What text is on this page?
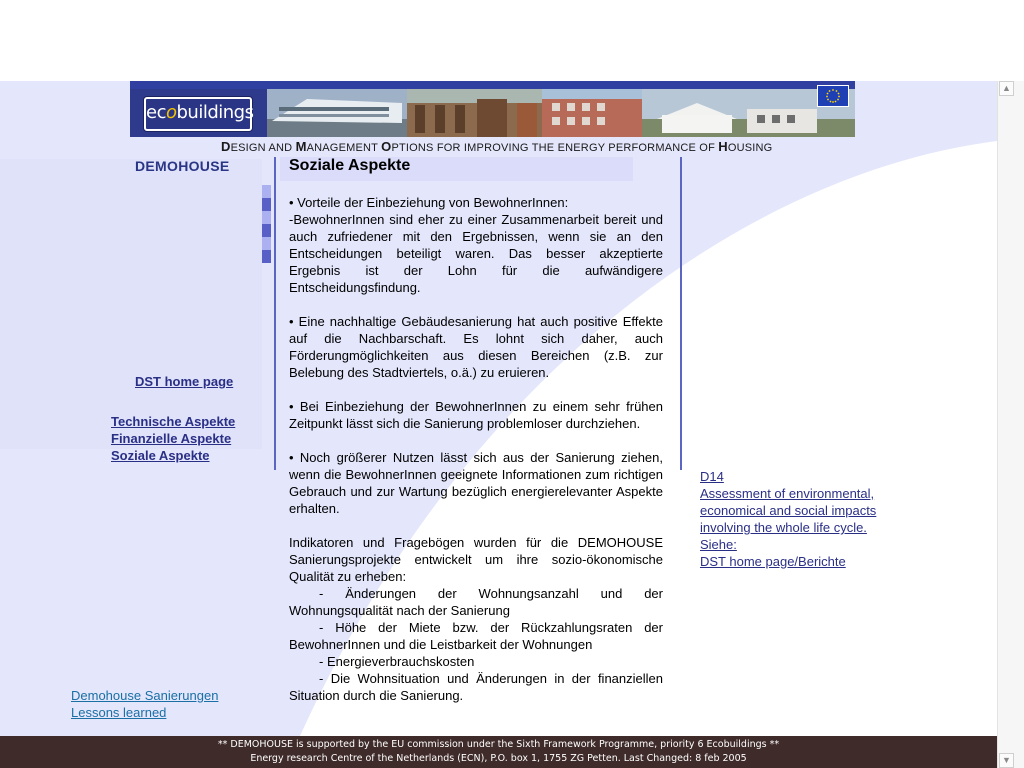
ecobuildings
DESIGN AND MANAGEMENT OPTIONS FOR IMPROVING THE ENERGY PERFORMANCE OF HOUSING
DEMOHOUSE
DST home page
Technische Aspekte
Finanzielle Aspekte
Soziale Aspekte
Demohouse Sanierungen
Lessons learned
Soziale Aspekte

• Vorteile der Einbeziehung von BewohnerInnen:

-BewohnerInnen sind eher zu einer Zusammenarbeit bereit und auch zufriedener mit den Ergebnissen, wenn sie an den Entscheidungen beteiligt waren. Das besser akzeptierte Ergebnis ist der Lohn für die aufwändigere Entscheidungsfindung.

• Eine nachhaltige Gebäudesanierung hat auch positive Effekte auf die Nachbarschaft. Es lohnt sich daher, auch Förderungmöglichkeiten aus diesen Bereichen (z.B. zur Belebung des Stadtviertels, o.ä.) zu eruieren.

• Bei Einbeziehung der BewohnerInnen zu einem sehr frühen Zeitpunkt lässt sich die Sanierung problemloser durchziehen.

• Noch größerer Nutzen lässt sich aus der Sanierung ziehen, wenn die BewohnerInnen geeignete Informationen zum richtigen Gebrauch und zur Wartung bezüglich energierelevanter Aspekte erhalten.

Indikatoren und Fragebögen wurden für die DEMOHOUSE Sanierungsprojekte entwickelt um ihre sozio-ökonomische Qualität zu erheben:

- Änderungen der Wohnungsanzahl und der Wohnungsqualität nach der Sanierung

- Höhe der Miete bzw. der Rückzahlungsraten der BewohnerInnen und die Leistbarkeit der Wohnungen

- Energieverbrauchskosten

- Die Wohnsituation und Änderungen in der finanziellen Situation durch die Sanierung.

D14
Assessment of environmental,
economical and social impacts
involving the whole life cycle.
Siehe:
DST home page/Berichte
** DEMOHOUSE is supported by the EU commission under the Sixth Framework Programme, priority 6 Ecobuildings **
Energy research Centre of the Netherlands (ECN), P.O. box 1, 1755 ZG Petten. Last Changed: 8 feb 2005
▲
▼
